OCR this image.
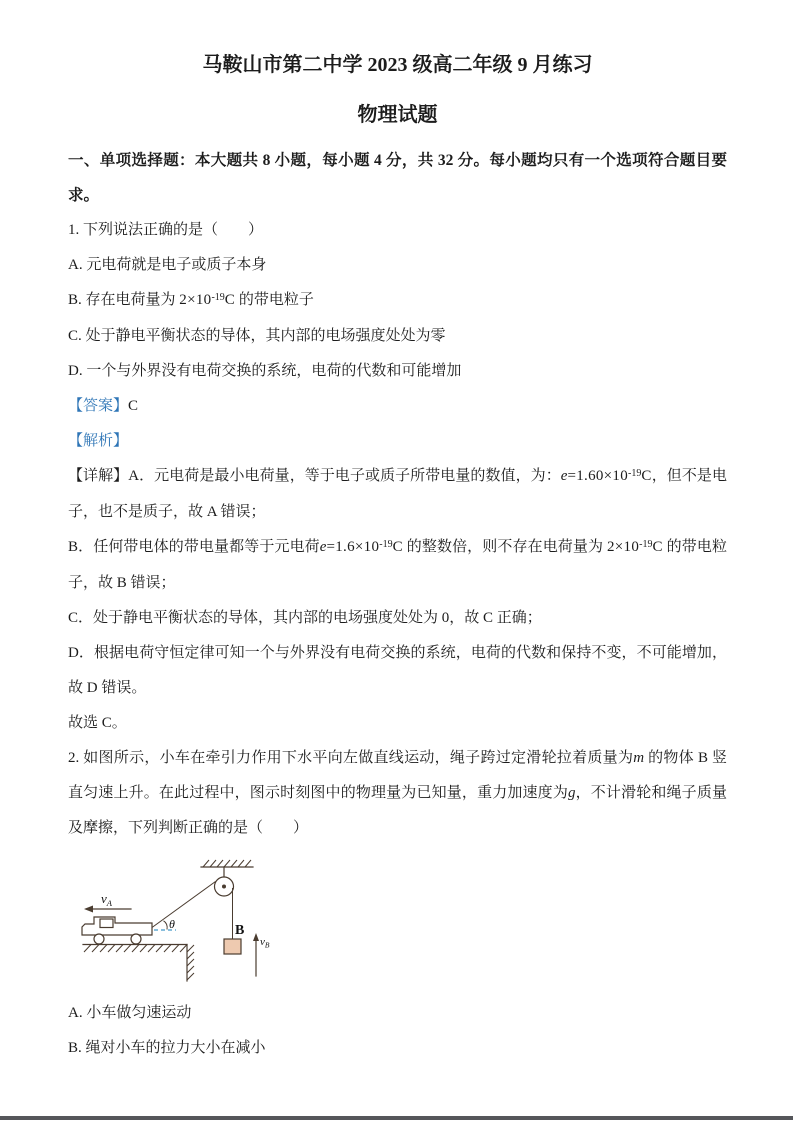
马鞍山市第二中学 2023 级高二年级 9 月练习
物理试题

一、单项选择题：本大题共 8 小题，每小题 4 分，共 32 分。每小题均只有一个选项符合题目要求。

1. 下列说法正确的是（　　）

A. 元电荷就是电子或质子本身

B. 存在电荷量为 $2\times 10^{-19}C$ 的带电粒子

C. 处于静电平衡状态的导体，其内部的电场强度处处为零

D. 一个与外界没有电荷交换的系统，电荷的代数和可能增加

【答案】C

【解析】

【详解】A．元电荷是最小电荷量，等于电子或质子所带电量的数值，为：$e=1.60\times 10^{-19}C$，但不是电子，也不是质子，故 A 错误；

B．任何带电体的带电量都等于元电荷$e=1.6\times 10^{-19}C$ 的整数倍，则不存在电荷量为 $2\times 10^{-19}C$ 的带电粒子，故 B 错误；

C．处于静电平衡状态的导体，其内部的电场强度处处为 0，故 C 正确；

D．根据电荷守恒定律可知一个与外界没有电荷交换的系统，电荷的代数和保持不变，不可能增加，故 D 错误。

故选 C。

2. 如图所示，小车在牵引力作用下水平向左做直线运动，绳子跨过定滑轮拉着质量为m 的物体 B 竖直匀速上升。在此过程中，图示时刻图中的物理量为已知量，重力加速度为g，不计滑轮和绳子质量及摩擦，下列判断正确的是（　　）

θ
$v_A$
B
$v_B$

A. 小车做匀速运动

B. 绳对小车的拉力大小在减小
